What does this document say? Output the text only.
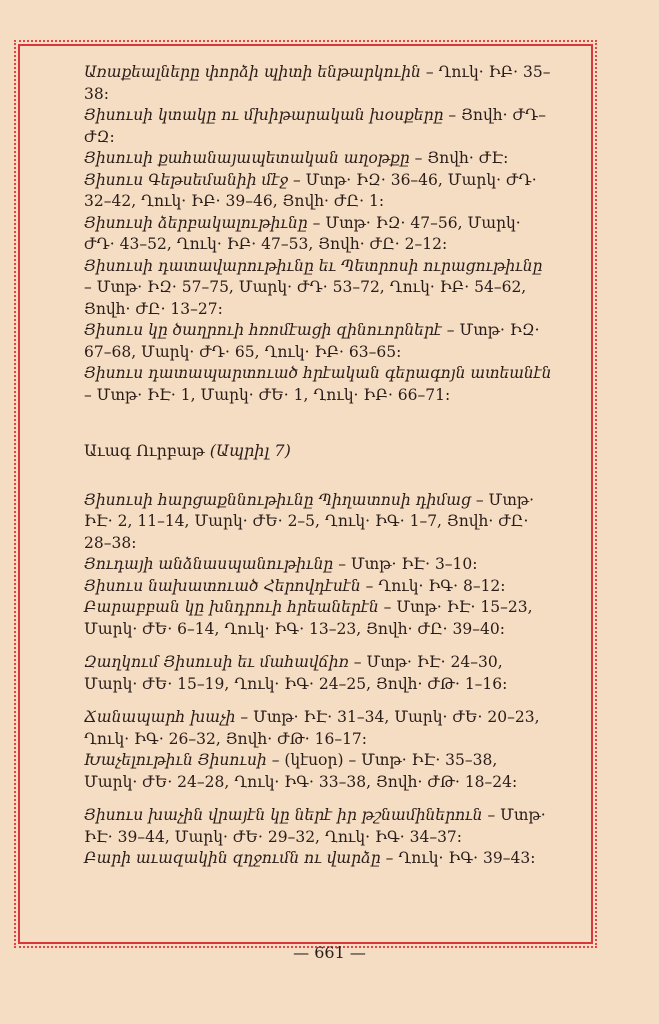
Առաքեալները փորձի պիտի ենթարկուին – Ղուկ· ԻԲ· 35–38:

Յիսուսի կտակը ու մխիթարական խօսքերը – Յովհ· ԺԴ–ԺԶ:

Յիսուսի քահանայապետական աղօթքը – Յովհ· ԺԷ:

Յիսուս Գեթսեմանիի մէջ – Մտթ· ԻԶ· 36–46, Մարկ· ԺԴ· 32–42, Ղուկ· ԻԲ· 39–46, Յովհ· ԺԸ· 1:

Յիսուսի ձերբակալութիւնը – Մտթ· ԻԶ· 47–56, Մարկ· ԺԴ· 43–52, Ղուկ· ԻԲ· 47–53, Յովհ· ԺԸ· 2–12:

Յիսուսի դատավարութիւնը եւ Պետրոսի ուրացութիւնը – Մտթ· ԻԶ· 57–75, Մարկ· ԺԴ· 53–72, Ղուկ· ԻԲ· 54–62, Յովհ· ԺԸ· 13–27:

Յիսուս կը ծաղրուի հռոմէացի զինուորներէ – Մտթ· ԻԶ· 67–68, Մարկ· ԺԴ· 65, Ղուկ· ԻԲ· 63–65:

Յիսուս դատապարտուած հրէական գերագոյն ատեանէն – Մտթ· ԻԷ· 1, Մարկ· ԺԵ· 1, Ղուկ· ԻԲ· 66–71:

Աւագ Ուրբաթ (Ապրիլ 7)

Յիսուսի հարցաքննութիւնը Պիղատոսի դիմաց – Մտթ· ԻԷ· 2, 11–14, Մարկ· ԺԵ· 2–5, Ղուկ· ԻԳ· 1–7, Յովհ· ԺԸ· 28–38:

Յուդայի անձնասպանութիւնը – Մտթ· ԻԷ· 3–10:

Յիսուս նախատուած Հերովդէսէն – Ղուկ· ԻԳ· 8–12:

Բարաբբան կը խնդրուի հրեաներէն – Մտթ· ԻԷ· 15–23, Մարկ· ԺԵ· 6–14, Ղուկ· ԻԳ· 13–23, Յովհ· ԺԸ· 39–40:

Զաղկում Յիսուսի եւ մահավճիռ – Մտթ· ԻԷ· 24–30, Մարկ· ԺԵ· 15–19, Ղուկ· ԻԳ· 24–25, Յովհ· ԺԹ· 1–16:

Ճանապարհ խաչի – Մտթ· ԻԷ· 31–34, Մարկ· ԺԵ· 20–23, Ղուկ· ԻԳ· 26–32, Յովհ· ԺԹ· 16–17:

Խաչելութիւն Յիսուսի – (կէսօր) – Մտթ· ԻԷ· 35–38, Մարկ· ԺԵ· 24–28, Ղուկ· ԻԳ· 33–38, Յովհ· ԺԹ· 18–24:

Յիսուս խաչին վրայէն կը ներէ իր թշնամիներուն – Մտթ· ԻԷ· 39–44, Մարկ· ԺԵ· 29–32, Ղուկ· ԻԳ· 34–37:

Բարի աւազակին զղջումն ու վարձը – Ղուկ· ԻԳ· 39–43:

— 661 —
